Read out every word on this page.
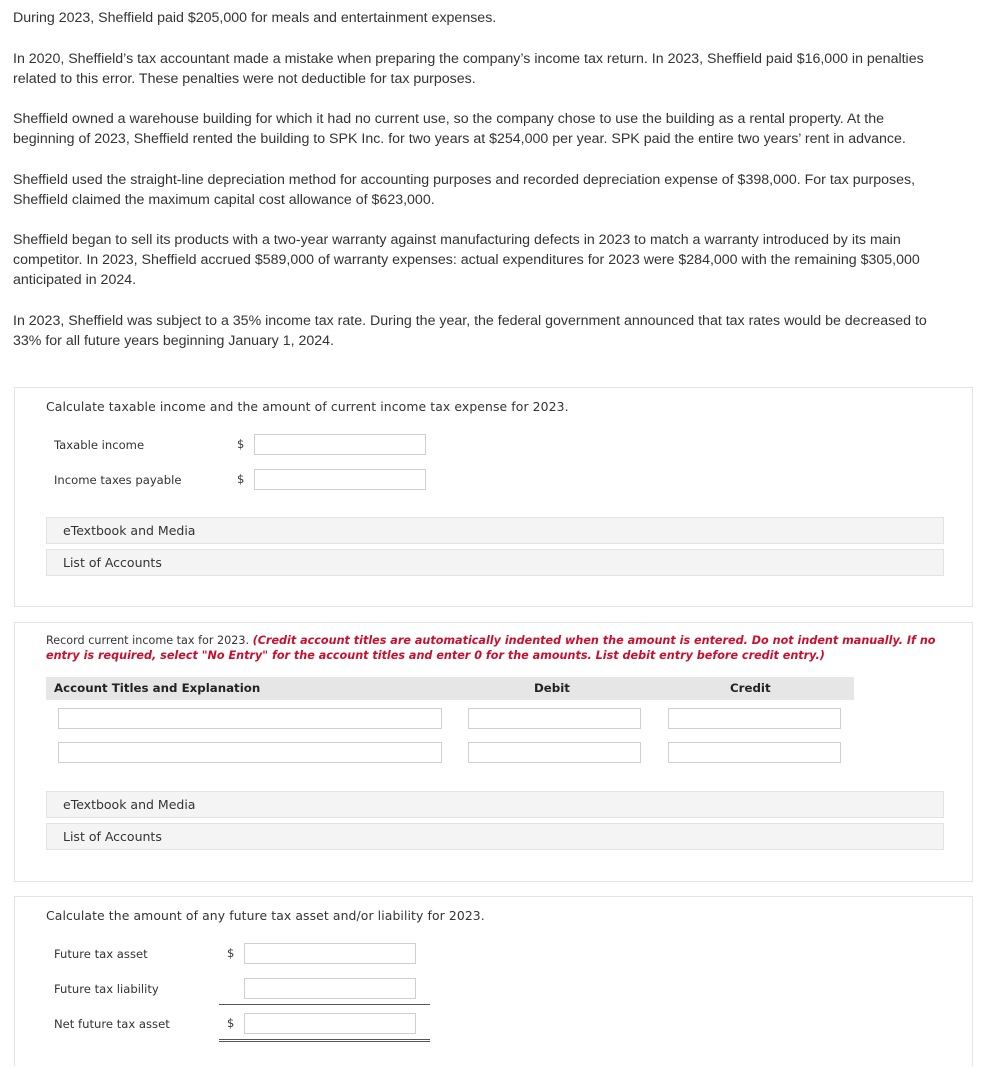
During 2023, Sheffield paid $205,000 for meals and entertainment expenses.

In 2020, Sheffield’s tax accountant made a mistake when preparing the company’s income tax return. In 2023, Sheffield paid $16,000 in penalties related to this error. These penalties were not deductible for tax purposes.

Sheffield owned a warehouse building for which it had no current use, so the company chose to use the building as a rental property. At the beginning of 2023, Sheffield rented the building to SPK Inc. for two years at $254,000 per year. SPK paid the entire two years’ rent in advance.

Sheffield used the straight-line depreciation method for accounting purposes and recorded depreciation expense of $398,000. For tax purposes, Sheffield claimed the maximum capital cost allowance of $623,000.

Sheffield began to sell its products with a two-year warranty against manufacturing defects in 2023 to match a warranty introduced by its main competitor. In 2023, Sheffield accrued $589,000 of warranty expenses: actual expenditures for 2023 were $284,000 with the remaining $305,000 anticipated in 2024.

In 2023, Sheffield was subject to a 35% income tax rate. During the year, the federal government announced that tax rates would be decreased to 33% for all future years beginning January 1, 2024.

Calculate taxable income and the amount of current income tax expense for 2023.
Taxable income	$
Income taxes payable	$
eTextbook and Media
List of Accounts
Record current income tax for 2023. (Credit account titles are automatically indented when the amount is entered. Do not indent manually. If no entry is required, select "No Entry" for the account titles and enter 0 for the amounts. List debit entry before credit entry.)
Account Titles and Explanation	Debit	Credit
eTextbook and Media
List of Accounts
Calculate the amount of any future tax asset and/or liability for 2023.
Future tax asset	$
Future tax liability
Net future tax asset	$
